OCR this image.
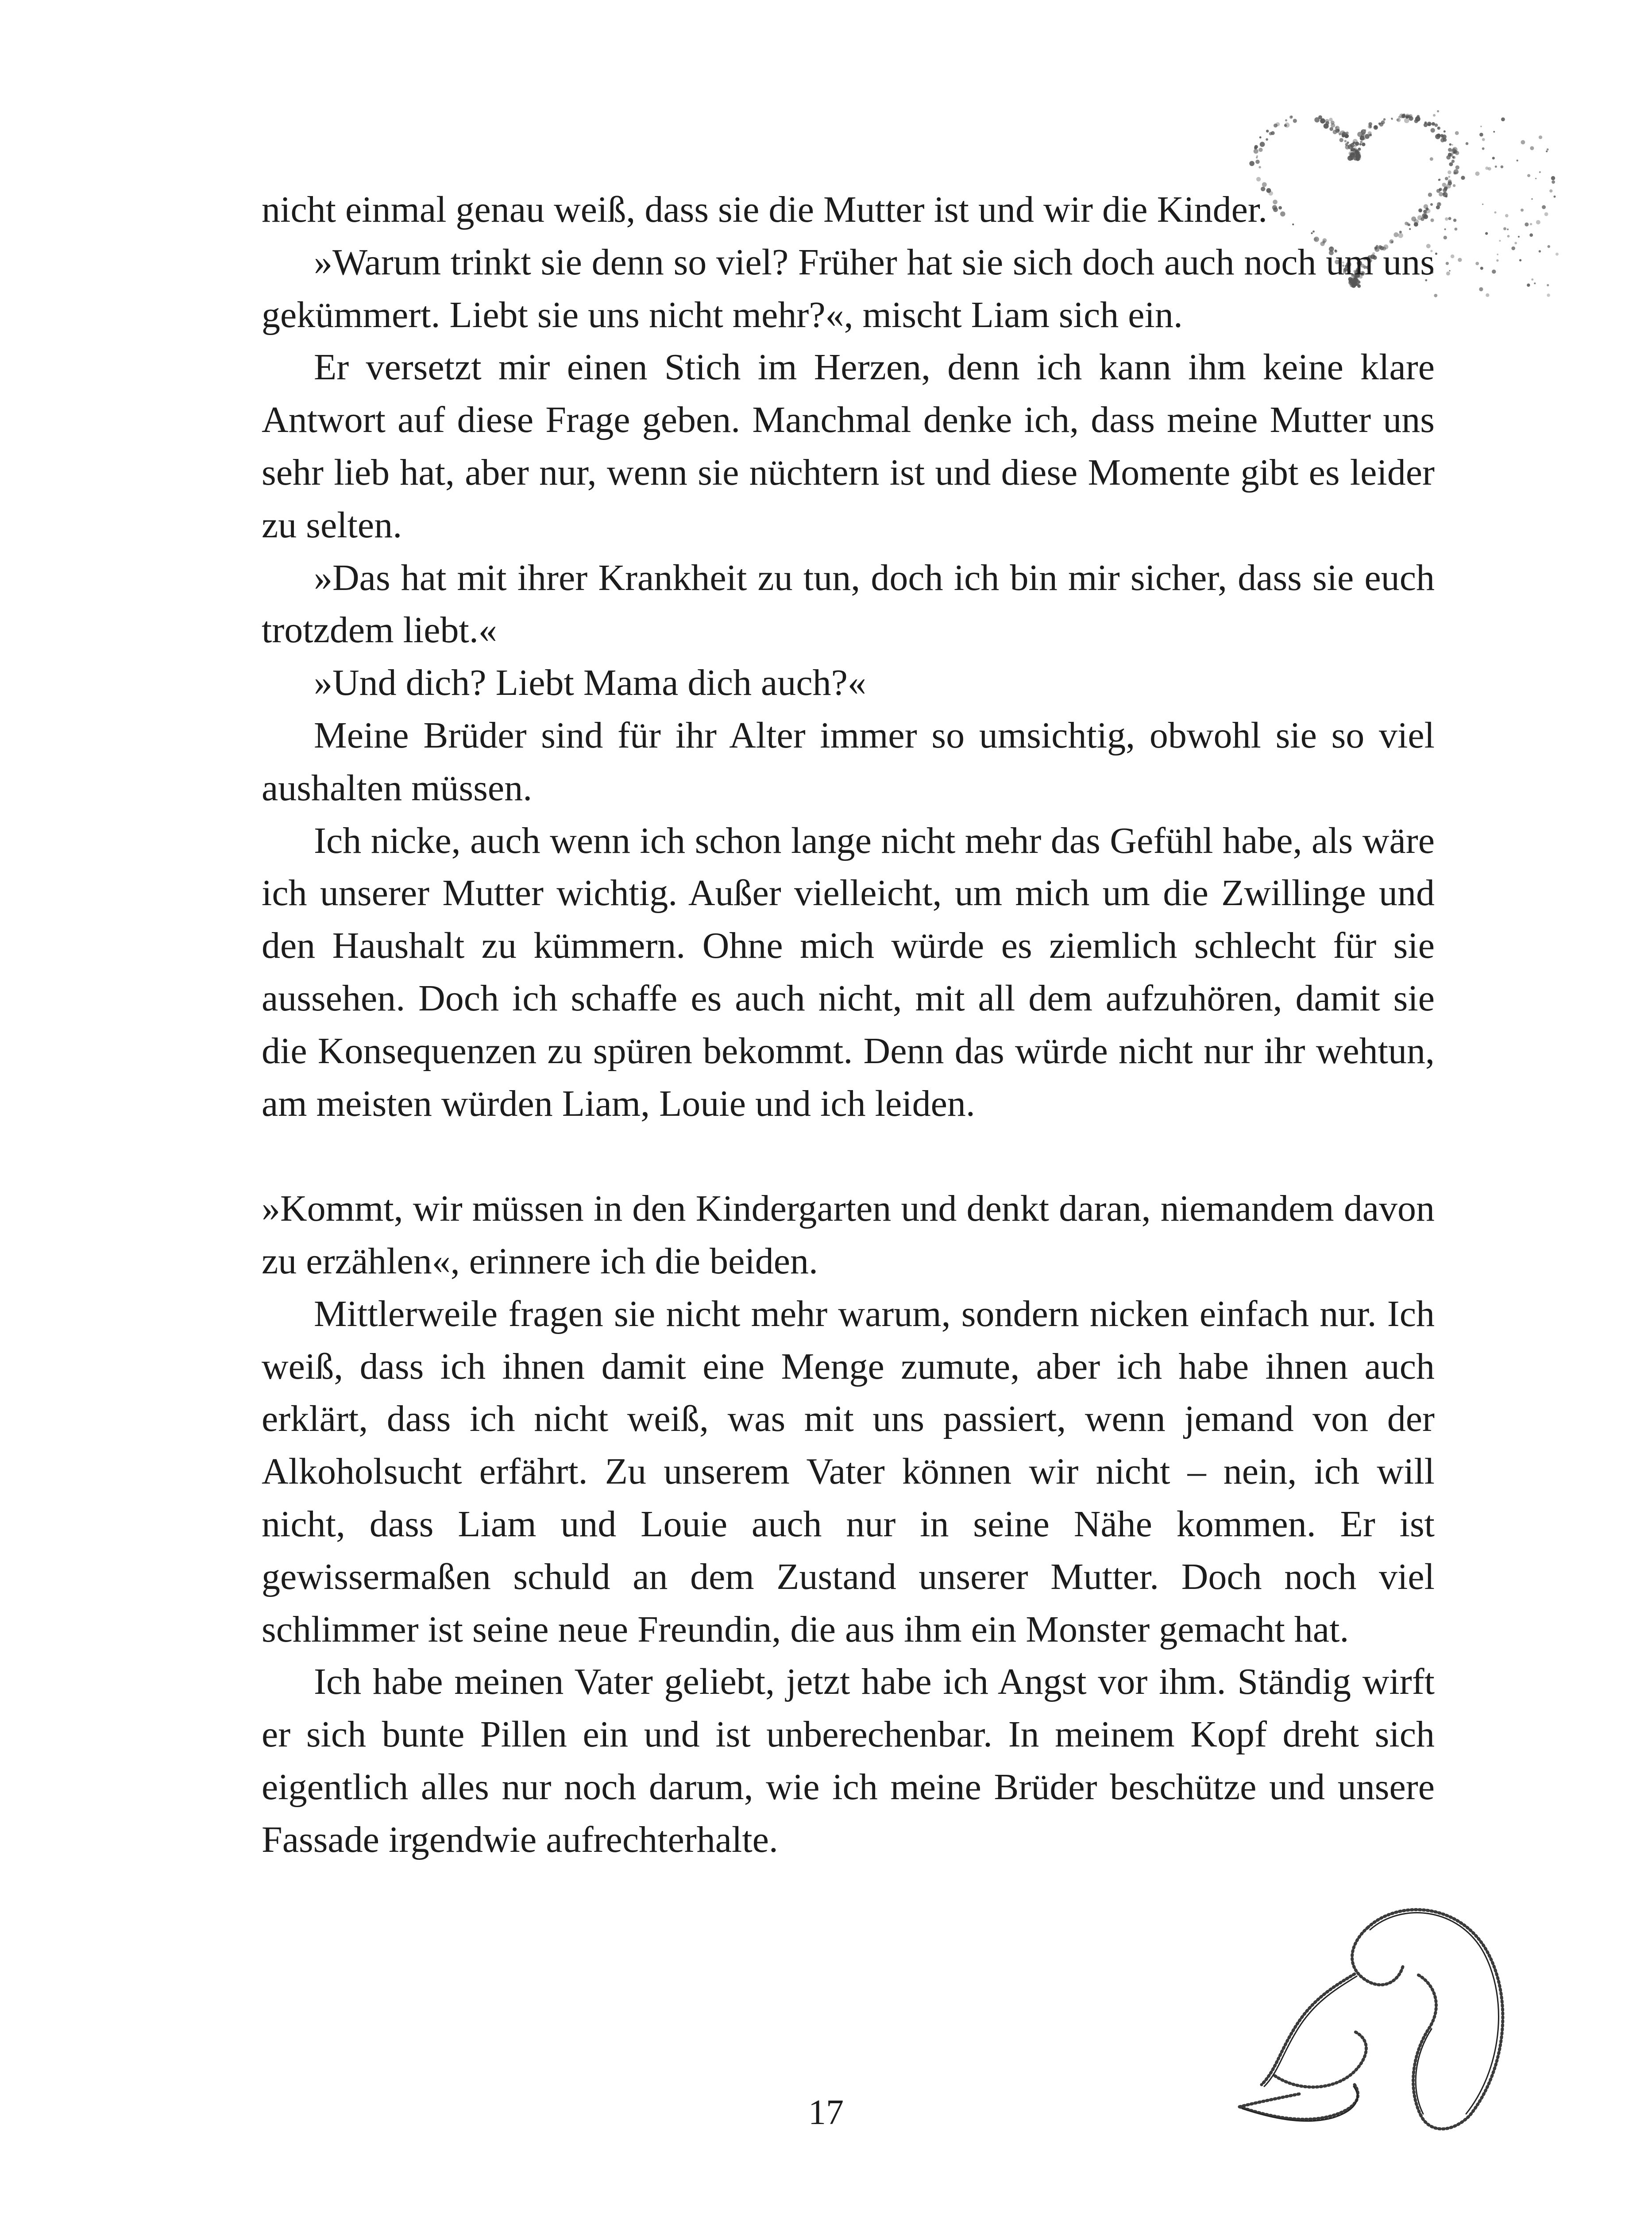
nicht einmal genau weiß, dass sie die Mutter ist und wir die Kinder.

»Warum trinkt sie denn so viel? Früher hat sie sich doch auch noch um uns gekümmert. Liebt sie uns nicht mehr?«, mischt Liam sich ein.

Er versetzt mir einen Stich im Herzen, denn ich kann ihm keine klare Antwort auf diese Frage geben. Manchmal denke ich, dass meine Mutter uns sehr lieb hat, aber nur, wenn sie nüchtern ist und diese Momente gibt es leider zu selten.

»Das hat mit ihrer Krankheit zu tun, doch ich bin mir sicher, dass sie euch trotzdem liebt.«

»Und dich? Liebt Mama dich auch?«

Meine Brüder sind für ihr Alter immer so umsichtig, obwohl sie so viel aushalten müssen.

Ich nicke, auch wenn ich schon lange nicht mehr das Gefühl habe, als wäre ich unserer Mutter wichtig. Außer vielleicht, um mich um die Zwillinge und den Haushalt zu kümmern. Ohne mich würde es ziemlich schlecht für sie aussehen. Doch ich schaffe es auch nicht, mit all dem aufzuhören, damit sie die Konsequenzen zu spüren bekommt. Denn das würde nicht nur ihr wehtun, am meisten würden Liam, Louie und ich leiden.

»Kommt, wir müssen in den Kindergarten und denkt daran, niemandem davon zu erzählen«, erinnere ich die beiden.

Mittlerweile fragen sie nicht mehr warum, sondern nicken einfach nur. Ich weiß, dass ich ihnen damit eine Menge zumute, aber ich habe ihnen auch erklärt, dass ich nicht weiß, was mit uns passiert, wenn jemand von der Alkoholsucht erfährt. Zu unserem Vater können wir nicht – nein, ich will nicht, dass Liam und Louie auch nur in seine Nähe kommen. Er ist gewissermaßen schuld an dem Zustand unserer Mutter. Doch noch viel schlimmer ist seine neue Freundin, die aus ihm ein Monster gemacht hat.

Ich habe meinen Vater geliebt, jetzt habe ich Angst vor ihm. Ständig wirft er sich bunte Pillen ein und ist unberechenbar. In meinem Kopf dreht sich eigentlich alles nur noch darum, wie ich meine Brüder beschütze und unsere Fassade irgendwie aufrechterhalte.

17
